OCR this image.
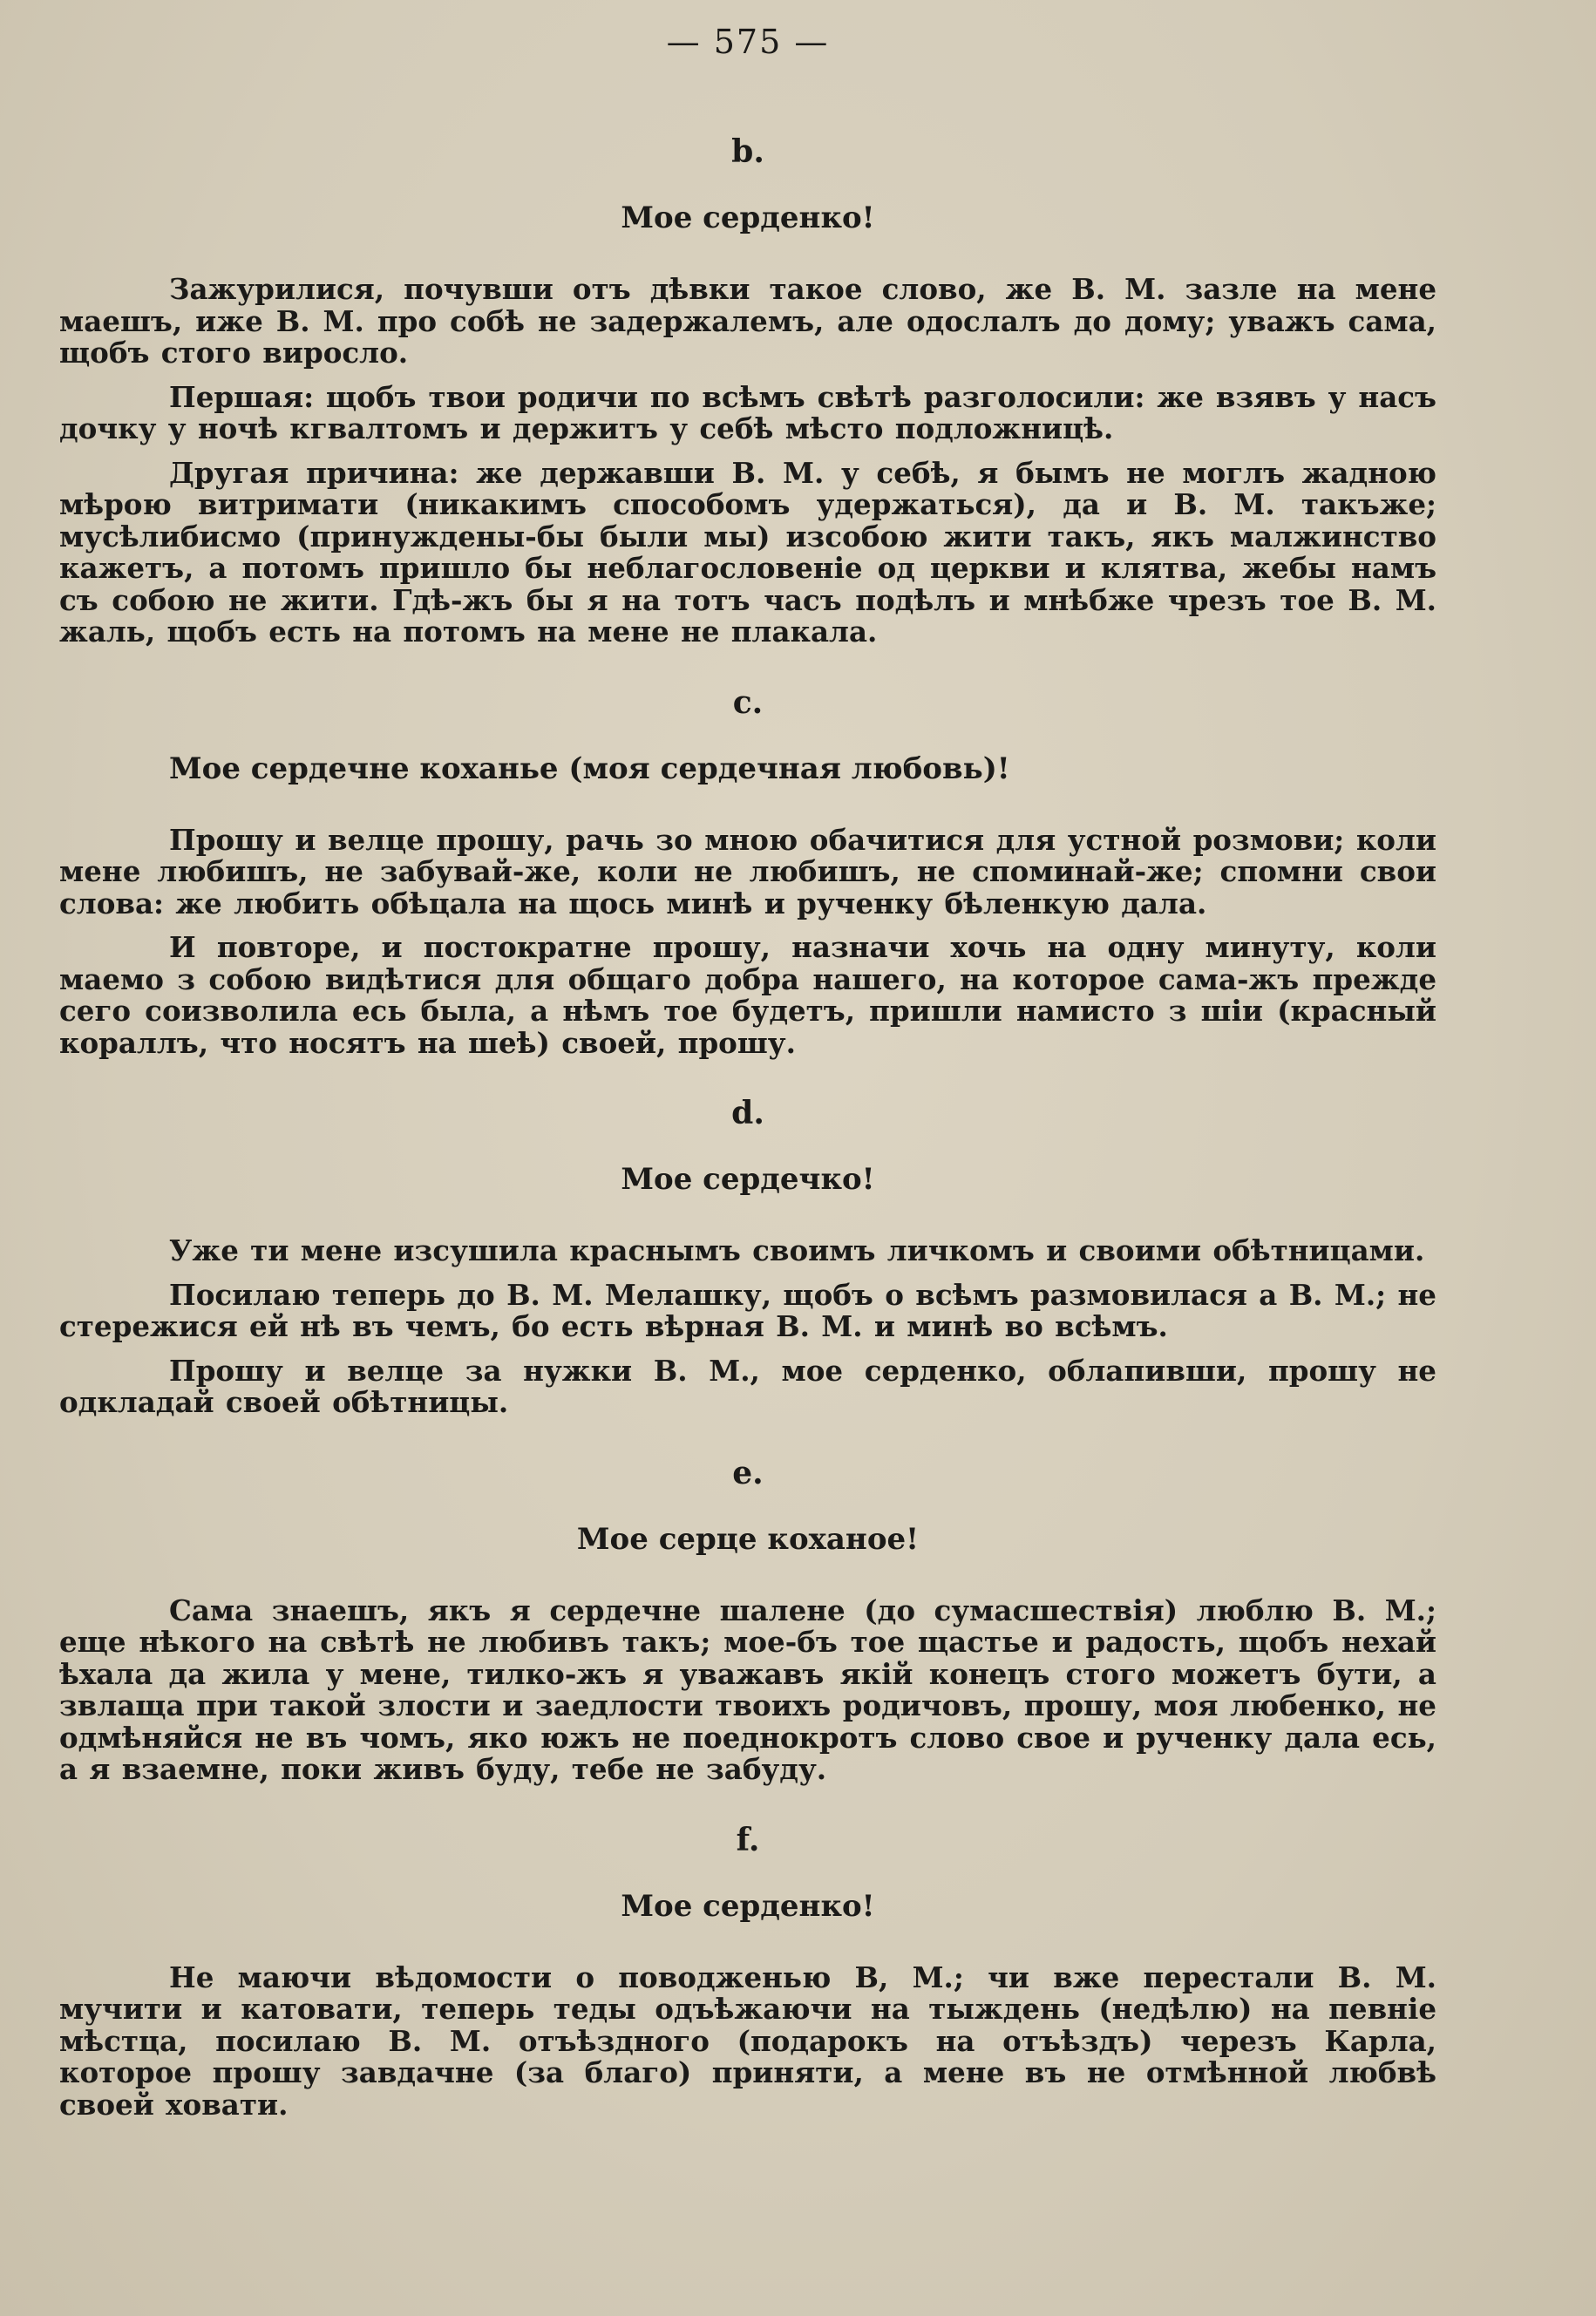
— 575 —
b.
Мое серденко!

Зажурилися, почувши отъ дѣвки такое слово, же В. М. зазле на мене маешъ, иже В. М. про собѣ не задержалемъ, але одослалъ до дому; уважъ сама, щобъ стого виросло.

Першая: щобъ твои родичи по всѣмъ свѣтѣ разголосили: же взявъ у насъ дочку у ночѣ кгвалтомъ и держитъ у себѣ мѣсто подложницѣ.

Другая причина: же державши В. М. у себѣ, я бымъ не моглъ жадною мѣрою витримати (никакимъ способомъ удержаться), да и В. М. такъже; мусѣлибисмо (принуждены-бы были мы) изсобою жити такъ, якъ малжинство кажетъ, а потомъ пришло бы неблагословеніе од церкви и клятва, жебы намъ съ собою не жити. Гдѣ-жъ бы я на тотъ часъ подѣлъ и мнѣбже чрезъ тое В. М. жаль, щобъ есть на потомъ на мене не плакала.

c.
Мое сердечне коханье (моя сердечная любовь)!

Прошу и велце прошу, рачь зо мною обачитися для устной розмови; коли мене любишъ, не забувай-же, коли не любишъ, не споминай-же; спомни свои слова: же любить обѣцала на щось минѣ и рученку бѣленкую дала.

И повторе, и постократне прошу, назначи хочь на одну минуту, коли маемо з собою видѣтися для общаго добра нашего, на которое сама-жъ прежде сего соизволила есь была, а нѣмъ тое будетъ, пришли намисто з шіи (красный кораллъ, что носятъ на шеѣ) своей, прошу.

d.
Мое сердечко!

Уже ти мене изсушила краснымъ своимъ личкомъ и своими обѣтницами.

Посилаю теперь до В. М. Мелашку, щобъ о всѣмъ размовилася а В. М.; не стережися ей нѣ въ чемъ, бо есть вѣрная В. М. и минѣ во всѣмъ.

Прошу и велце за нужки В. М., мое серденко, облапивши, прошу не одкладай своей обѣтницы.

e.
Мое серце коханое!

Сама знаешъ, якъ я сердечне шалене (до сумасшествія) люблю В. М.; еще нѣкого на свѣтѣ не любивъ такъ; мое-бъ тое щастье и радость, щобъ нехай ѣхала да жила у мене, тилко-жъ я уважавъ якій конецъ стого можетъ бути, а звлаща при такой злости и заедлости твоихъ родичовъ, прошу, моя любенко, не одмѣняйся не въ чомъ, яко южъ не поеднокротъ слово свое и рученку дала есь, а я взаемне, поки живъ буду, тебе не забуду.

f.
Мое серденко!

Не маючи вѣдомости о поводженью В, М.; чи вже перестали В. М. мучити и катовати, теперь теды одъѣжаючи на тыждень (недѣлю) на певніе мѣстца, посилаю В. М. отъѣздного (подарокъ на отъѣздъ) черезъ Карла, которое прошу завдачне (за благо) приняти, а мене въ не отмѣнной любвѣ своей ховати.
